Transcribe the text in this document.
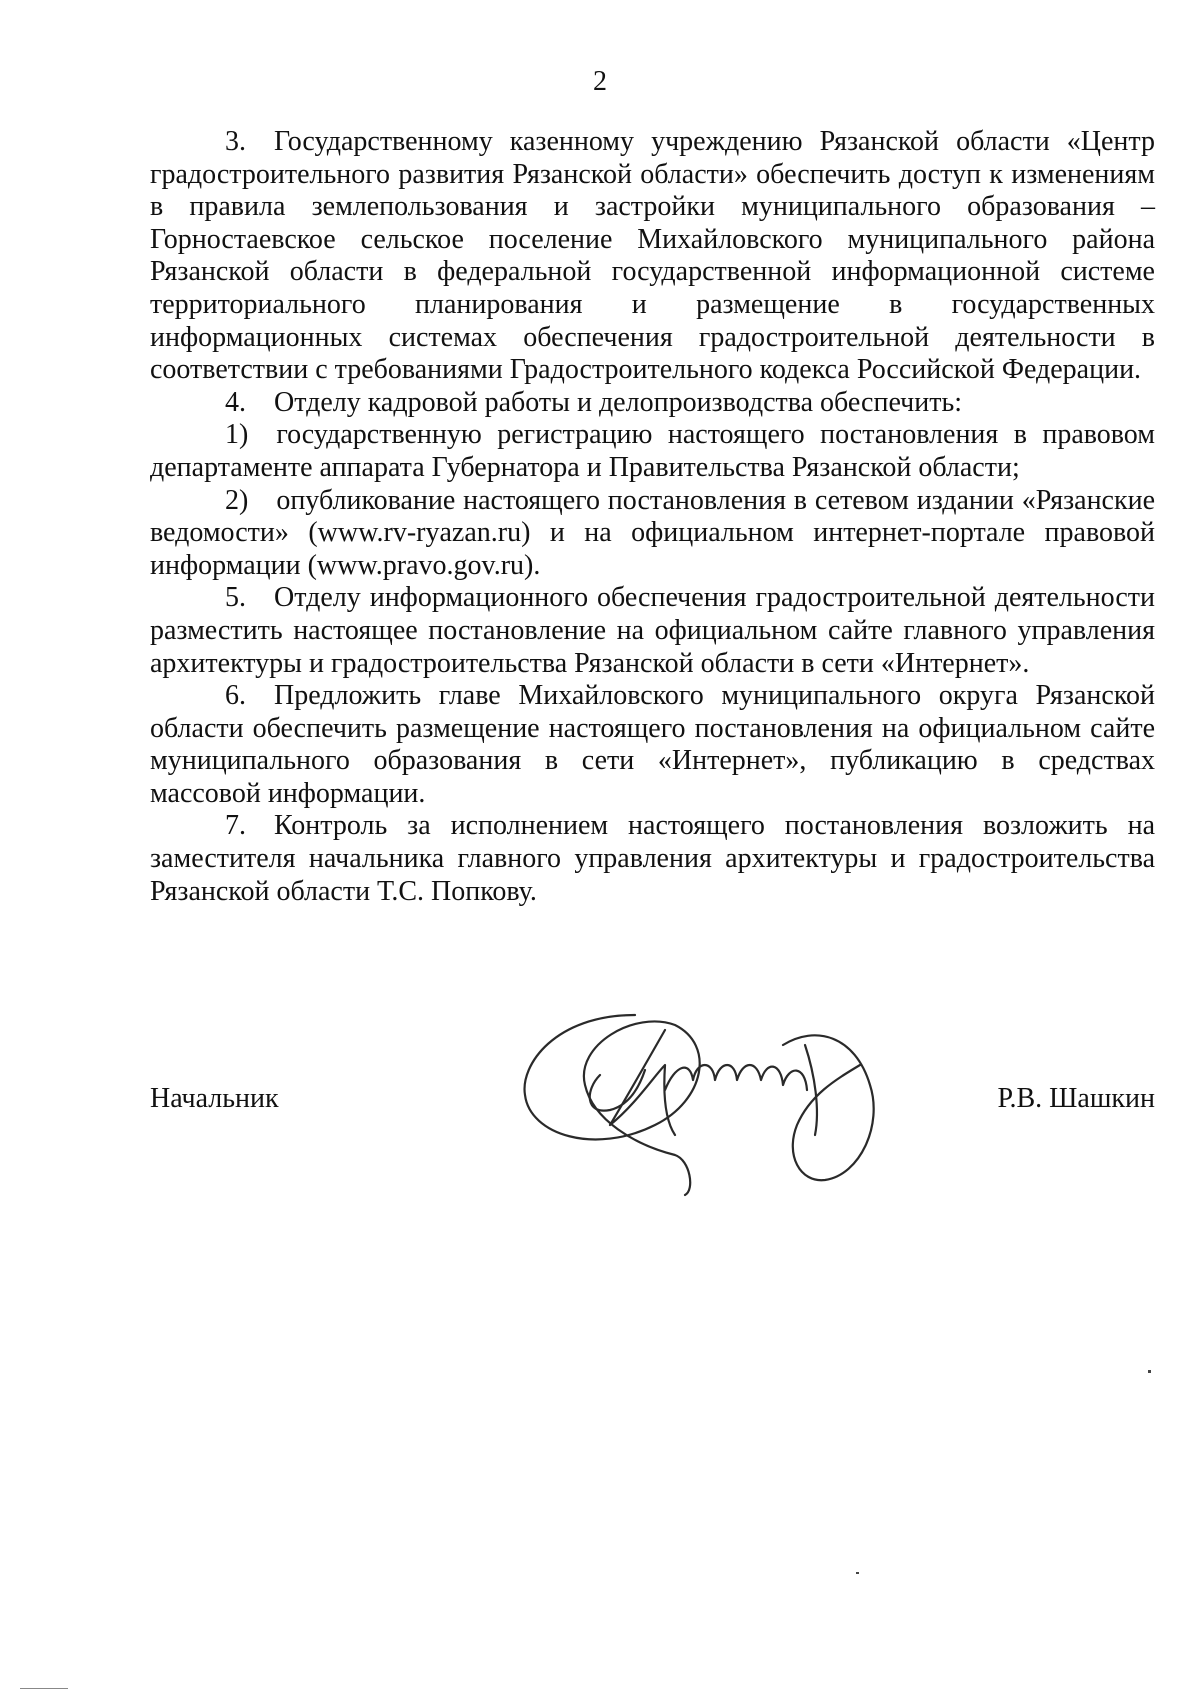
2

3. Государственному казенному учреждению Рязанской области «Центр градостроительного развития Рязанской области» обеспечить доступ к изменениям в правила землепользования и застройки муниципального образования – Горностаевское сельское поселение Михайловского муниципального района Рязанской области в федеральной государственной информационной системе территориального планирования и размещение в государственных информационных системах обеспечения градостроительной деятельности в соответствии с требованиями Градостроительного кодекса Российской Федерации.

4. Отделу кадровой работы и делопроизводства обеспечить:

1) государственную регистрацию настоящего постановления в правовом департаменте аппарата Губернатора и Правительства Рязанской области;

2) опубликование настоящего постановления в сетевом издании «Рязанские ведомости» (www.rv-ryazan.ru) и на официальном интернет-портале правовой информации (www.pravo.gov.ru).

5. Отделу информационного обеспечения градостроительной деятельности разместить настоящее постановление на официальном сайте главного управления архитектуры и градостроительства Рязанской области в сети «Интернет».

6. Предложить главе Михайловского муниципального округа Рязанской области обеспечить размещение настоящего постановления на официальном сайте муниципального образования в сети «Интернет», публикацию в средствах массовой информации.

7. Контроль за исполнением настоящего постановления возложить на заместителя начальника главного управления архитектуры и градостроительства Рязанской области Т.С. Попкову.

Начальник	Р.В. Шашкин
